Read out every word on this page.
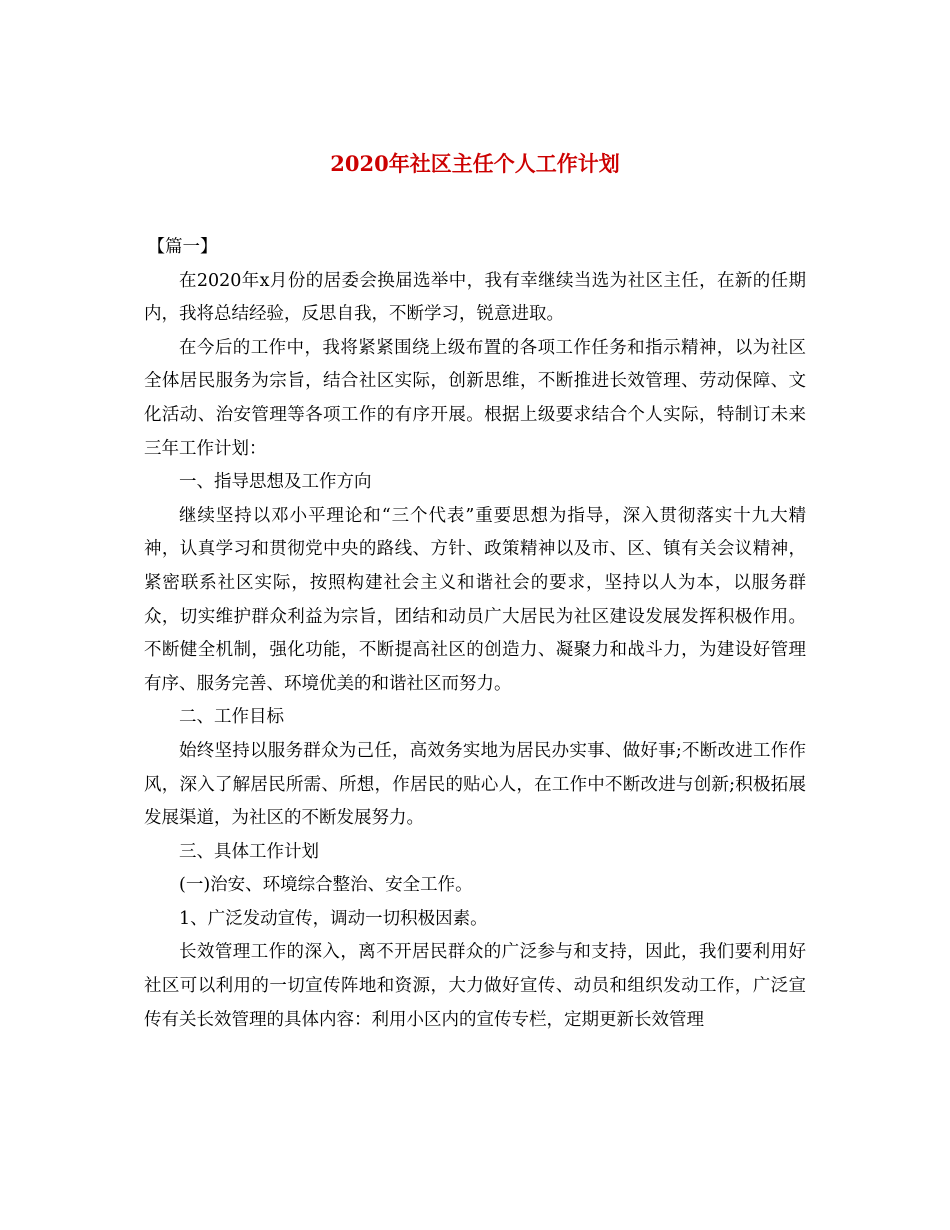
2020年社区主任个人工作计划

【篇一】

在2020年x月份的居委会换届选举中，我有幸继续当选为社区主任，在新的任期内，我将总结经验，反思自我，不断学习，锐意进取。

在今后的工作中，我将紧紧围绕上级布置的各项工作任务和指示精神，以为社区全体居民服务为宗旨，结合社区实际，创新思维，不断推进长效管理、劳动保障、文化活动、治安管理等各项工作的有序开展。根据上级要求结合个人实际，特制订未来三年工作计划：

一、指导思想及工作方向

继续坚持以邓小平理论和“三个代表”重要思想为指导，深入贯彻落实十九大精神，认真学习和贯彻党中央的路线、方针、政策精神以及市、区、镇有关会议精神，紧密联系社区实际，按照构建社会主义和谐社会的要求，坚持以人为本，以服务群众，切实维护群众利益为宗旨，团结和动员广大居民为社区建设发展发挥积极作用。不断健全机制，强化功能，不断提高社区的创造力、凝聚力和战斗力，为建设好管理有序、服务完善、环境优美的和谐社区而努力。

二、工作目标

始终坚持以服务群众为己任，高效务实地为居民办实事、做好事;不断改进工作作风，深入了解居民所需、所想，作居民的贴心人，在工作中不断改进与创新;积极拓展发展渠道，为社区的不断发展努力。

三、具体工作计划

(一)治安、环境综合整治、安全工作。

1、广泛发动宣传，调动一切积极因素。

长效管理工作的深入，离不开居民群众的广泛参与和支持，因此，我们要利用好社区可以利用的一切宣传阵地和资源，大力做好宣传、动员和组织发动工作，广泛宣传有关长效管理的具体内容：利用小区内的宣传专栏，定期更新长效管理
